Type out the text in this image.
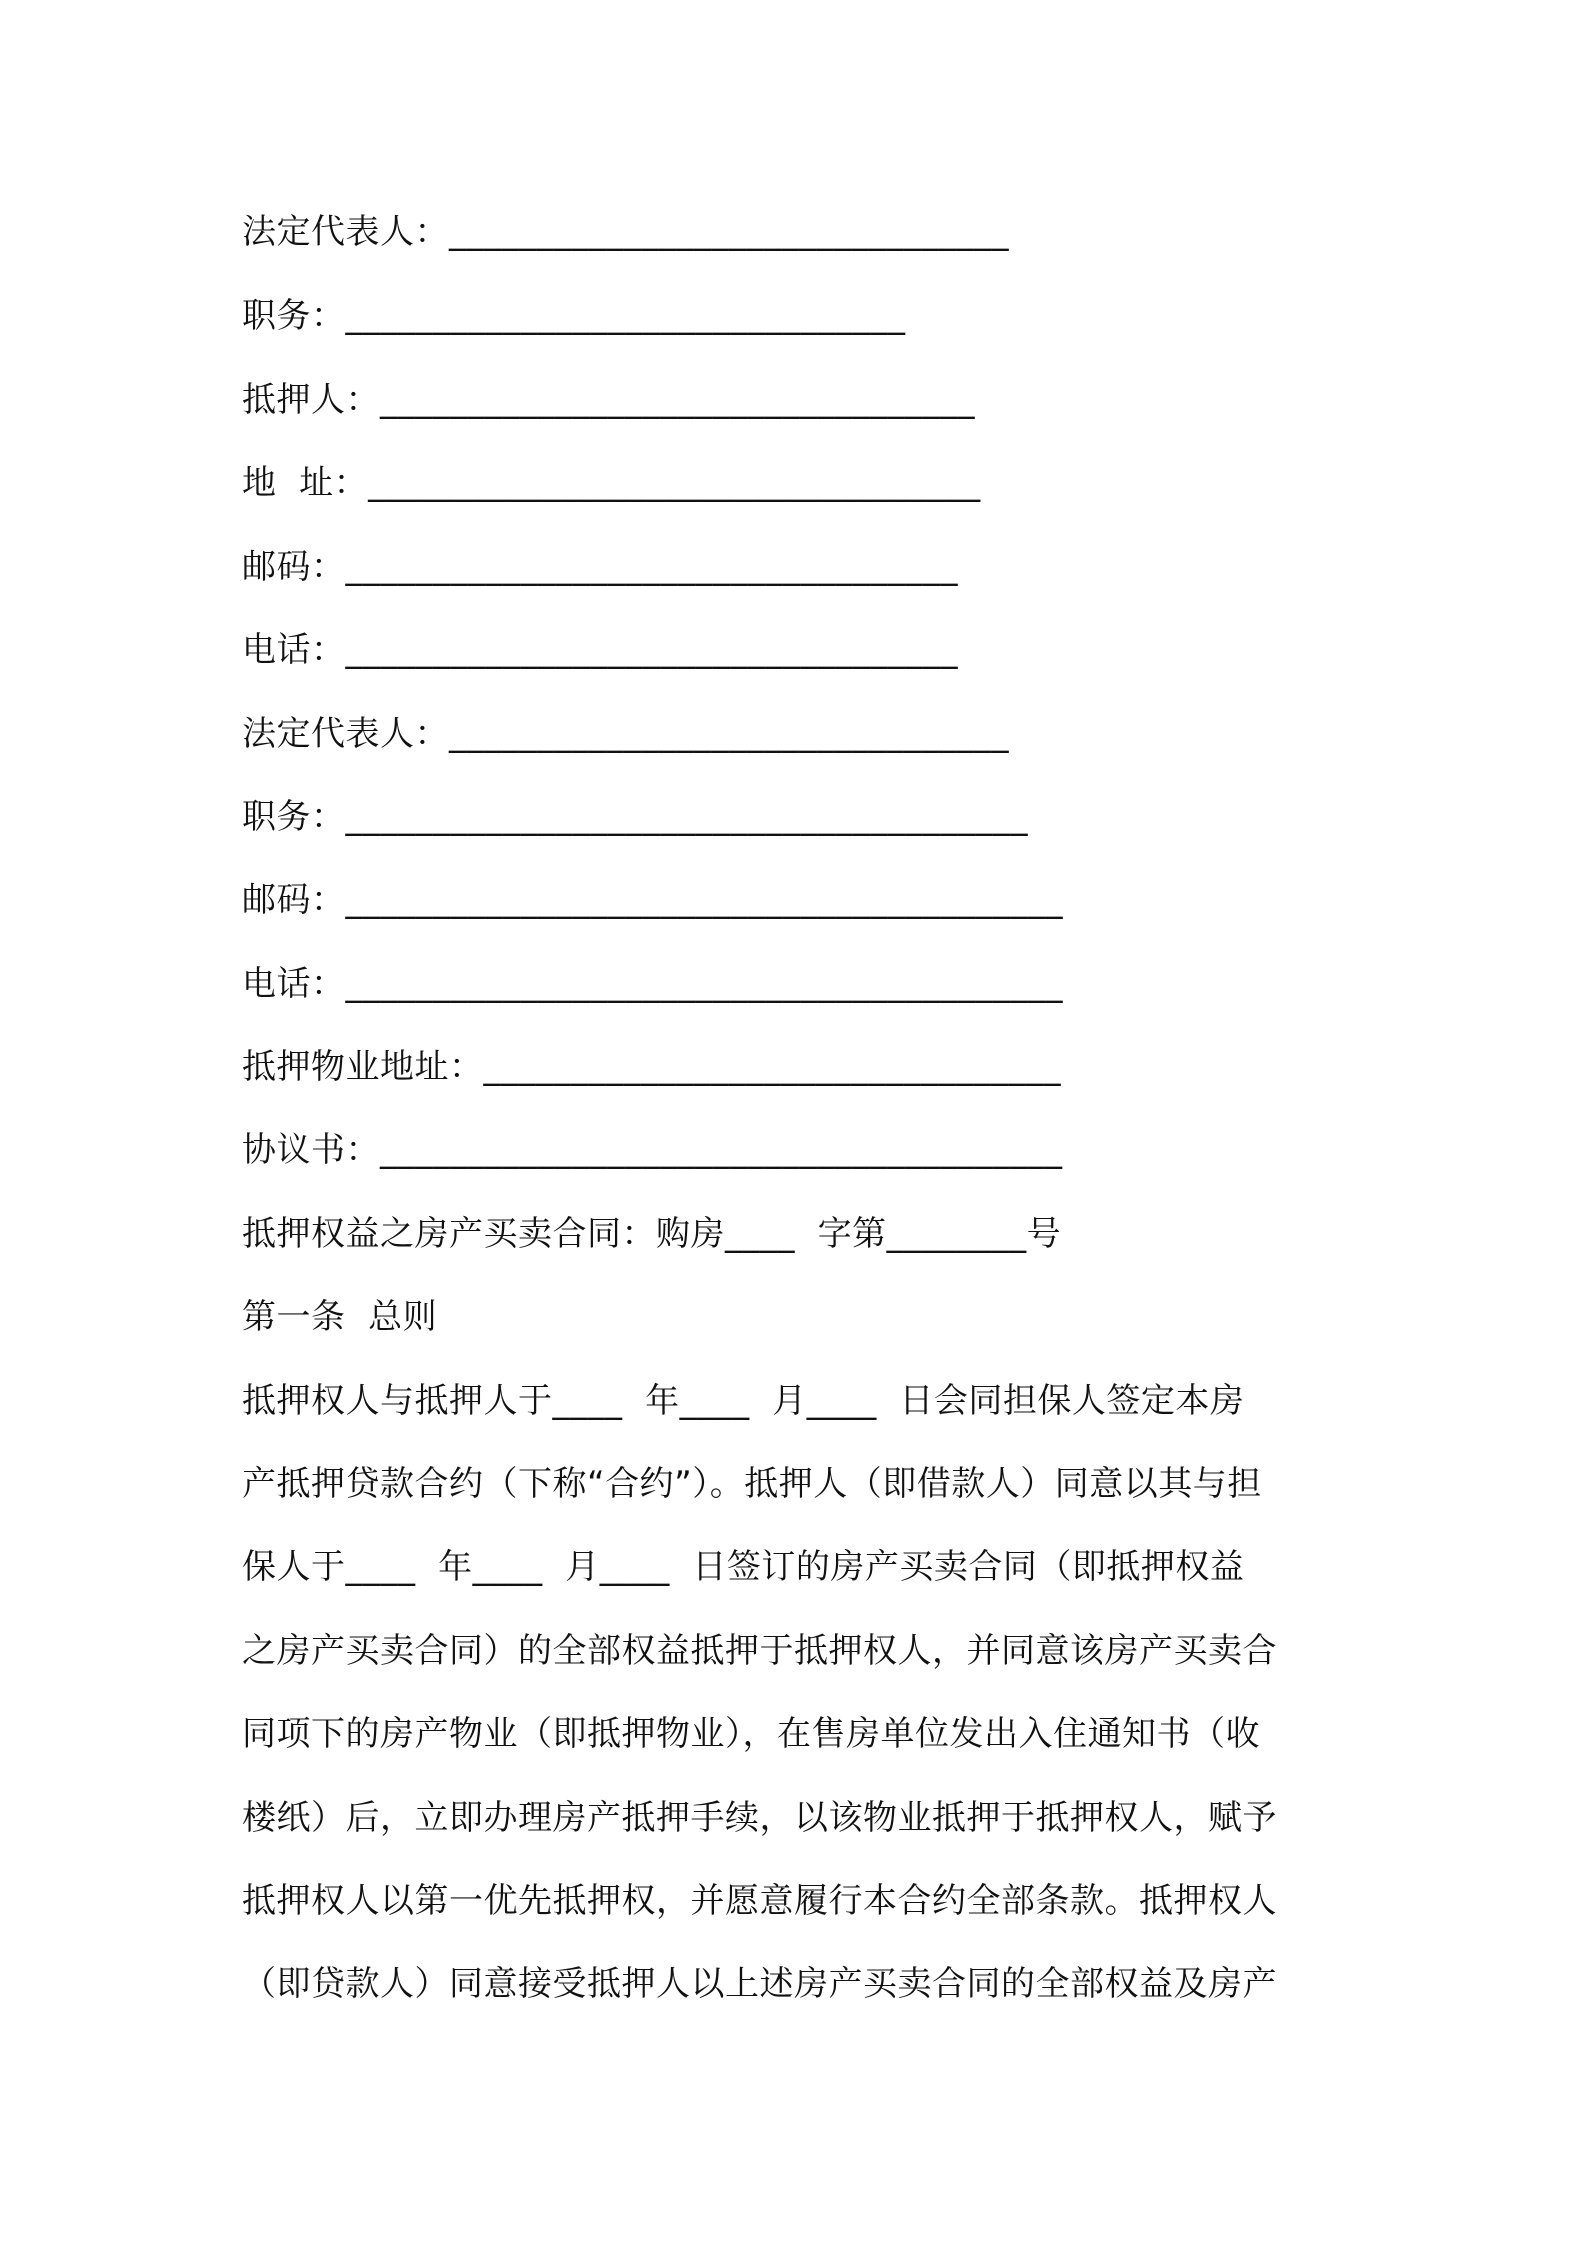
法定代表人：________________________________
职务：________________________________
抵押人：__________________________________
地  址：___________________________________
邮码：___________________________________
电话：___________________________________
法定代表人：________________________________
职务：_______________________________________
邮码：_________________________________________
电话：_________________________________________
抵押物业地址：_________________________________
协议书：_______________________________________
抵押权益之房产买卖合同：购房____  字第________号
第一条  总则
抵押权人与抵押人于____  年____  月____  日会同担保人签定本房
产抵押贷款合约（下称“合约”）。抵押人（即借款人）同意以其与担
保人于____  年____  月____  日签订的房产买卖合同（即抵押权益
之房产买卖合同）的全部权益抵押于抵押权人，并同意该房产买卖合
同项下的房产物业（即抵押物业），在售房单位发出入住通知书（收
楼纸）后，立即办理房产抵押手续，以该物业抵押于抵押权人，赋予
抵押权人以第一优先抵押权，并愿意履行本合约全部条款。抵押权人
（即贷款人）同意接受抵押人以上述房产买卖合同的全部权益及房产
